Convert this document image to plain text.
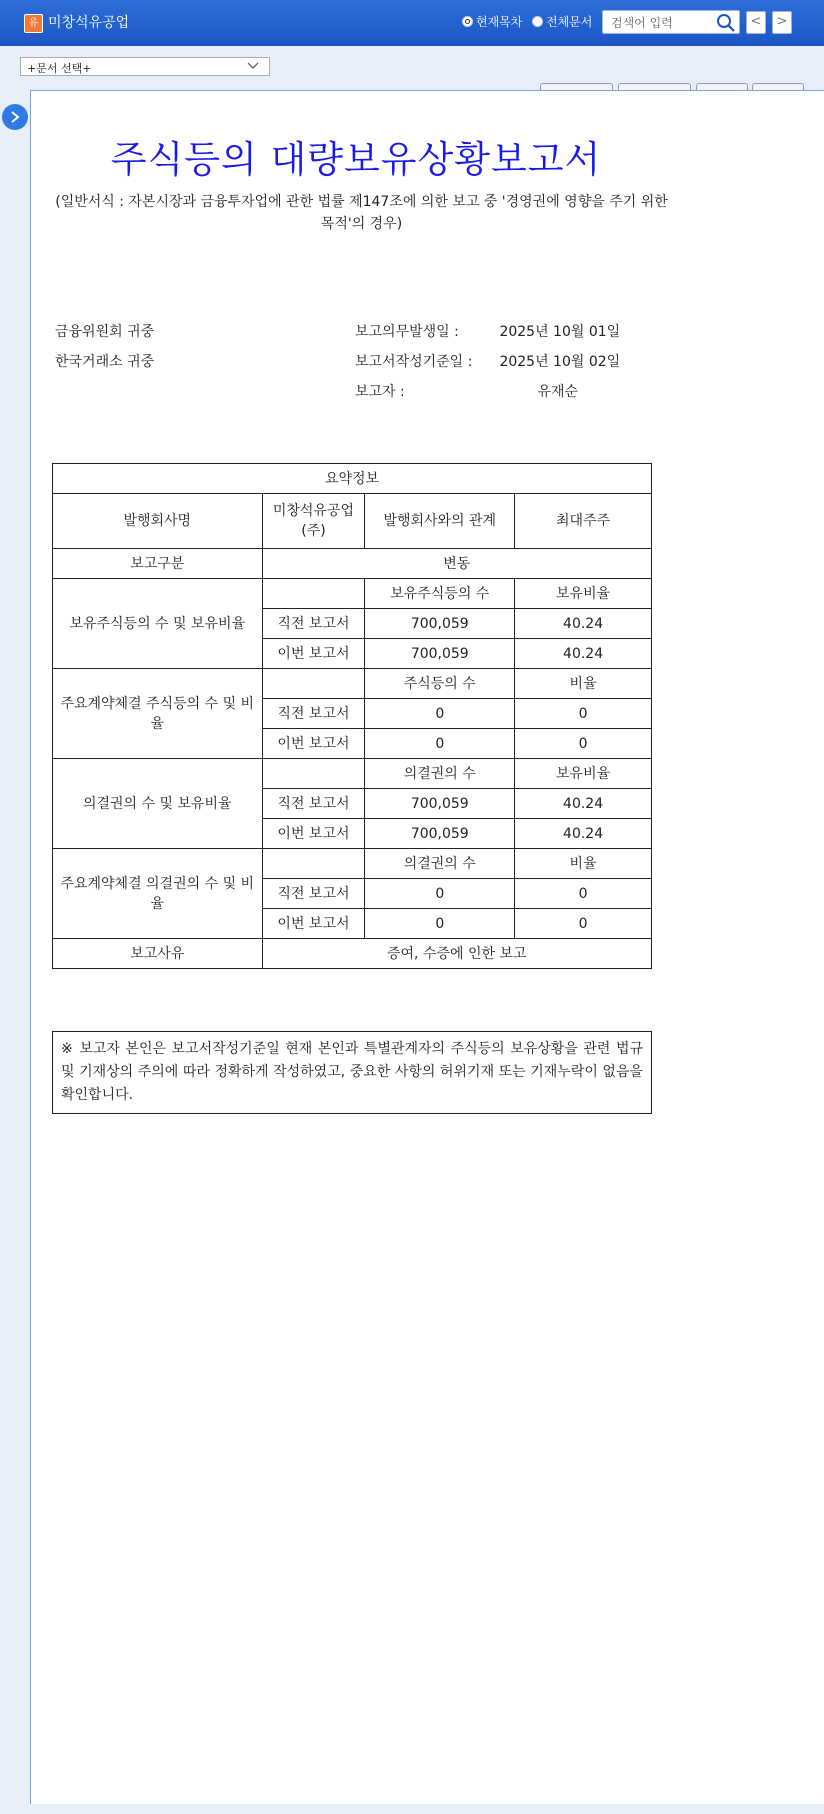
유 미창석유공업	현재목차 전체문서	검색어 입력	<	>
+문서 선택+
주식등의 대량보유상황보고서
(일반서식 : 자본시장과 금융투자업에 관한 법률 제147조에 의한 보고 중 '경영권에 영향을 주기 위한 목적'의 경우)
금융위원회 귀중
한국거래소 귀중
보고의무발생일 :	2025년 10월 01일
보고서작성기준일 : 2025년 10월 02일
보고자 :	유재순
요약정보			
발행회사명	미창석유공업(주)	발행회사와의 관계	최대주주
보고구분	변동		
보유주식등의 수 및 보유비율		보유주식등의 수	보유비율
	직전 보고서	700,059	40.24
	이번 보고서	700,059	40.24
주요계약체결 주식등의 수 및 비율		주식등의 수	비율
	직전 보고서	0	0
	이번 보고서	0	0
의결권의 수 및 보유비율		의결권의 수	보유비율
	직전 보고서	700,059	40.24
	이번 보고서	700,059	40.24
주요계약체결 의결권의 수 및 비율		의결권의 수	비율
	직전 보고서	0	0
	이번 보고서	0	0
보고사유	증여, 수증에 인한 보고		
※ 보고자 본인은 보고서작성기준일 현재 본인과 특별관계자의 주식등의 보유상황을 관련 법규 및 기재상의 주의에 따라 정확하게 작성하였고, 중요한 사항의 허위기재 또는 기재누락이 없음을 확인합니다.
